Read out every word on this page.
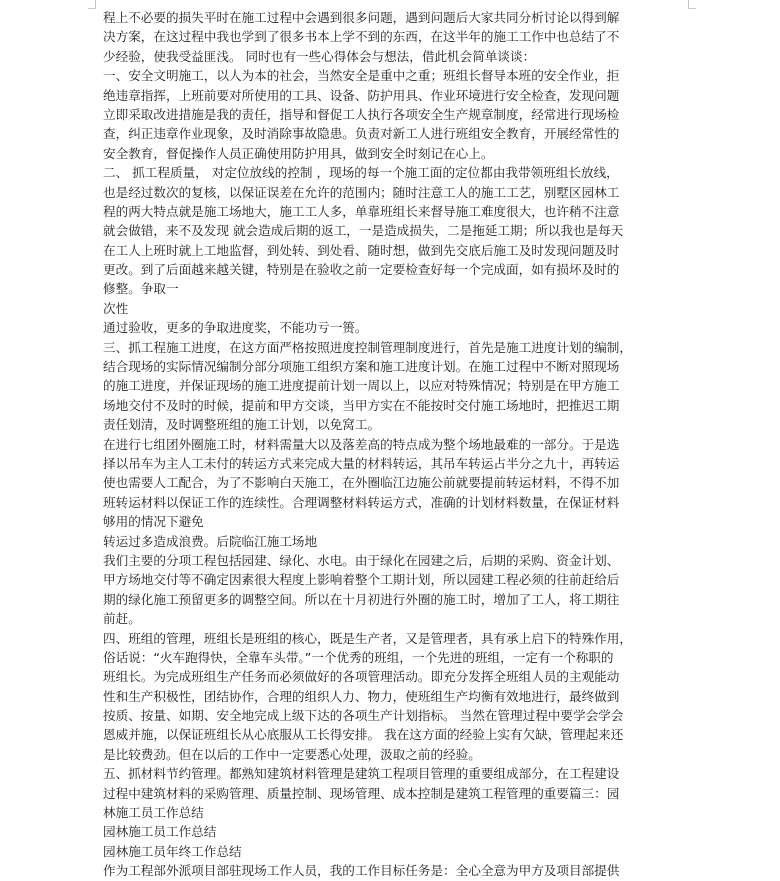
程上不必要的损失平时在施工过程中会遇到很多问题，遇到问题后大家共同分析讨论以得到解

决方案，在这过程中我也学到了很多书本上学不到的东西，在这半年的施工工作中也总结了不

少经验，使我受益匪浅。 同时也有一些心得体会与想法，借此机会简单谈谈：

一、安全文明施工，以人为本的社会，当然安全是重中之重；班组长督导本班的安全作业，拒

绝违章指挥，上班前要对所使用的工具、设备、防护用具、作业环境进行安全检查，发现问题

立即采取改进措施是我的责任，指导和督促工人执行各项安全生产规章制度，经常进行现场检

查，纠正违章作业现象，及时消除事故隐患。负责对新工人进行班组安全教育，开展经常性的

安全教育，督促操作人员正确使用防护用具，做到安全时刻记在心上。

二、 抓工程质量， 对定位放线的控制 ，现场的每一个施工面的定位都由我带领班组长放线，

也是经过数次的复核，以保证误差在允许的范围内；随时注意工人的施工工艺，别墅区园林工

程的两大特点就是施工场地大，施工工人多，单靠班组长来督导施工难度很大，也许稍不注意

就会做错，来不及发现 就会造成后期的返工，一是造成损失，二是拖延工期；所以我也是每天

在工人上班时就上工地监督，到处转、到处看、随时想，做到先交底后施工及时发现问题及时

更改。到了后面越来越关键，特别是在验收之前一定要检查好每一个完成面，如有损坏及时的

修整。争取一

次性

通过验收，更多的争取进度奖，不能功亏一篑。

三、抓工程施工进度，在这方面严格按照进度控制管理制度进行，首先是施工进度计划的编制，

结合现场的实际情况编制分部分项施工组织方案和施工进度计划。在施工过程中不断对照现场

的施工进度，并保证现场的施工进度提前计划一周以上，以应对特殊情况；特别是在甲方施工

场地交付不及时的时候，提前和甲方交谈，当甲方实在不能按时交付施工场地时，把推迟工期

责任划清，及时调整班组的施工计划，以免窝工。

在进行七组团外圈施工时，材料需量大以及落差高的特点成为整个场地最难的一部分。于是选

择以吊车为主人工未付的转运方式来完成大量的材料转运，其吊车转运占半分之九十，再转运

使也需要人工配合，为了不影响白天施工，在外圈临江边施公前就要提前转运材料，不得不加

班转运材料以保证工作的连续性。合理调整材料转运方式，准确的计划材料数量，在保证材料

够用的情况下避免

转运过多造成浪费。后院临江施工场地

我们主要的分项工程包括园建、绿化、水电。由于绿化在园建之后，后期的采购、资金计划、

甲方场地交付等不确定因素很大程度上影响着整个工期计划，所以园建工程必须的往前赶给后

期的绿化施工预留更多的调整空间。所以在十月初进行外圈的施工时，增加了工人，将工期往

前赶。

四、班组的管理，班组长是班组的核心，既是生产者，又是管理者，具有承上启下的特殊作用，

俗话说：“火车跑得快，全靠车头带。”一个优秀的班组，一个先进的班组，一定有一个称职的

班组长。为完成班组生产任务而必须做好的各项管理活动。即充分发挥全班组人员的主观能动

性和生产积极性，团结协作，合理的组织人力、物力，使班组生产均衡有效地进行，最终做到

按质、按量、如期、安全地完成上级下达的各项生产计划指标。 当然在管理过程中要学会学会

恩威并施，以保证班组长从心底服从工长得安排。 我在这方面的经验上实有欠缺，管理起来还

是比较费劲。但在以后的工作中一定要悉心处理，汲取之前的经验。

五、抓材料节约管理。都熟知建筑材料管理是建筑工程项目管理的重要组成部分，在工程建设

过程中建筑材料的采购管理、质量控制、现场管理、成本控制是建筑工程管理的重要篇三：园

林施工员工作总结

园林施工员工作总结

园林施工员年终工作总结

作为工程部外派项目部驻现场工作人员，我的工作目标任务是：全心全意为甲方及项目部提供
